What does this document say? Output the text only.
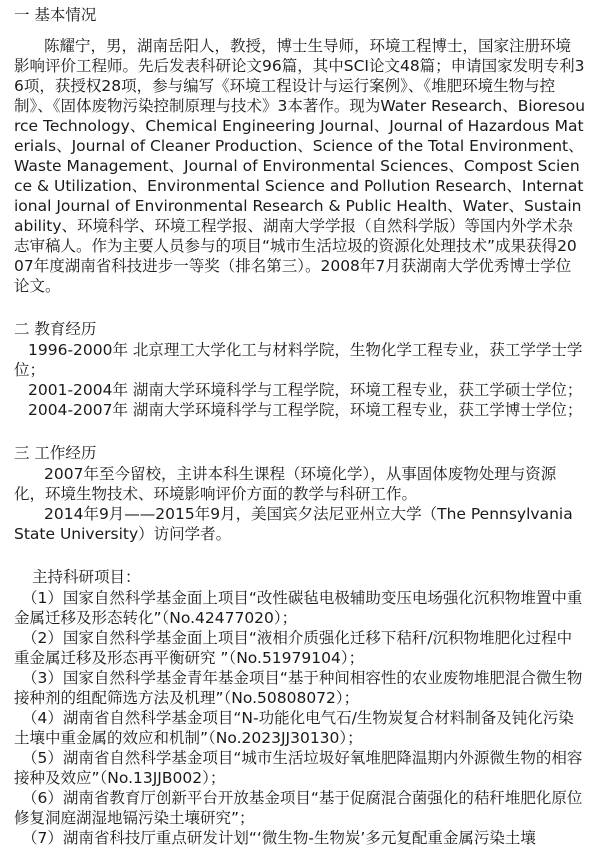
一 基本情况

陈耀宁，男，湖南岳阳人，教授，博士生导师，环境工程博士，国家注册环境影响评价工程师。先后发表科研论文96篇，其中SCI论文48篇；申请国家发明专利36项，获授权28项，参与编写《环境工程设计与运行案例》、《堆肥环境生物与控制》、《固体废物污染控制原理与技术》3本著作。现为Water Research、Bioresource Technology、Chemical Engineering Journal、Journal of Hazardous Materials、Journal of Cleaner Production、Science of the Total Environment、Waste Management、Journal of Environmental Sciences、Compost Science & Utilization、Environmental Science and Pollution Research、International Journal of Environmental Research & Public Health、Water、Sustainability、环境科学、环境工程学报、湖南大学学报（自然科学版）等国内外学术杂志审稿人。作为主要人员参与的项目“城市生活垃圾的资源化处理技术”成果获得2007年度湖南省科技进步一等奖（排名第三）。2008年7月获湖南大学优秀博士学位论文。

二 教育经历

1996-2000年 北京理工大学化工与材料学院，生物化学工程专业，获工学学士学位；
2001-2004年 湖南大学环境科学与工程学院，环境工程专业，获工学硕士学位；
2004-2007年 湖南大学环境科学与工程学院，环境工程专业，获工学博士学位；

三 工作经历

2007年至今留校，主讲本科生课程（环境化学），从事固体废物处理与资源化，环境生物技术、环境影响评价方面的教学与科研工作。

2014年9月——2015年9月，美国宾夕法尼亚州立大学（The Pennsylvania State University）访问学者。

主持科研项目：

（1）国家自然科学基金面上项目“改性碳毡电极辅助变压电场强化沉积物堆置中重金属迁移及形态转化”（No.42477020）；
（2）国家自然科学基金面上项目“液相介质强化迁移下秸秆/沉积物堆肥化过程中重金属迁移及形态再平衡研究 ”（No.51979104）；
（3）国家自然科学基金青年基金项目“基于种间相容性的农业废物堆肥混合微生物接种剂的组配筛选方法及机理”（No.50808072）；
（4）湖南省自然科学基金项目“N-功能化电气石/生物炭复合材料制备及钝化污染土壤中重金属的效应和机制”（No.2023JJ30130）；
（5）湖南省自然科学基金项目“城市生活垃圾好氧堆肥降温期内外源微生物的相容接种及效应”（No.13JJB002）；
（6）湖南省教育厅创新平台开放基金项目“基于促腐混合菌强化的秸秆堆肥化原位修复洞庭湖湿地镉污染土壤研究”；
（7）湖南省科技厅重点研发计划“‘微生物-生物炭’多元复配重金属污染土壤
